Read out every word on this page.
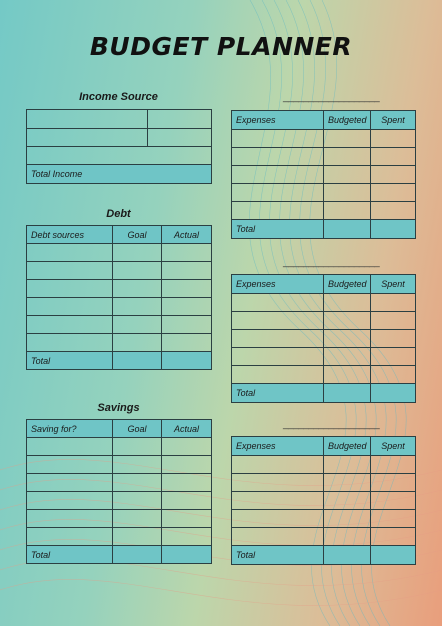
BUDGET PLANNER
Income Source

Total Income	
Debt
Debt sources	Goal	Actual

Total		
Savings
Saving for?	Goal	Actual

Total		
___________________
Expenses	Budgeted	Spent

Total		
___________________
Expenses	Budgeted	Spent

Total		
___________________
Expenses	Budgeted	Spent

Total		
